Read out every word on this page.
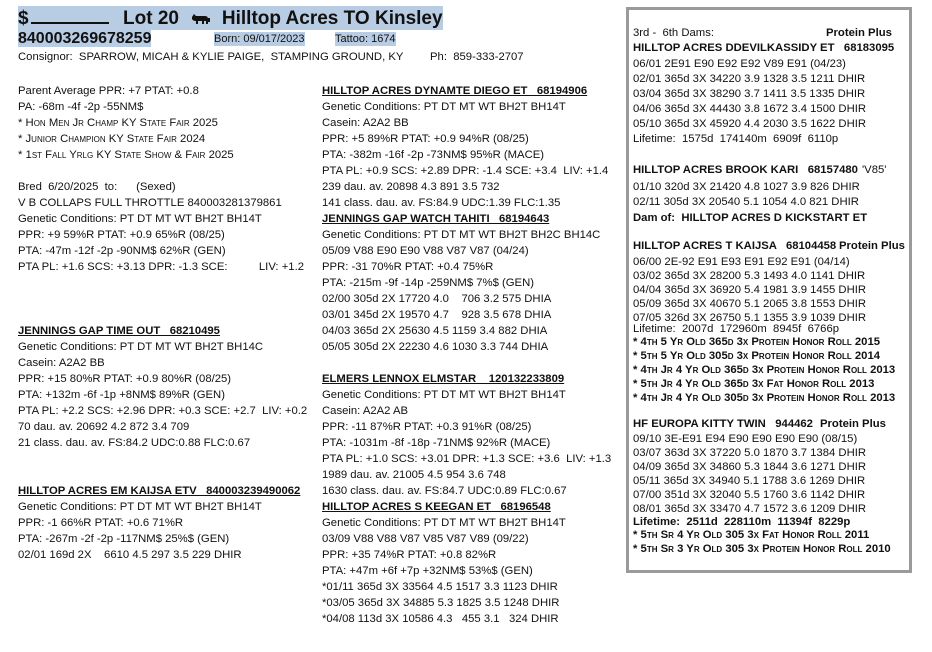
$	Lot 20 Hilltop Acres TO Kinsley
840003269678259	Born: 09/017/2023	Tattoo: 1674
Consignor:  SPARROW, MICAH & KYLIE PAIGE,  STAMPING GROUND, KY Ph:  859-333-2707
Parent Average PPR: +7 PTAT: +0.8
PA: -68m -4f -2p -55NM$
* Hon Men Jr Champ KY State Fair 2025
* Junior Champion KY State Fair 2024
* 1st Fall Yrlg KY State Show & Fair 2025
Bred  6/20/2025  to:      (Sexed)
V B COLLAPS FULL THROTTLE 840003281379861
Genetic Conditions: PT DT MT WT BH2T BH14T
PPR: +9 59%R PTAT: +0.9 65%R (08/25)
PTA: -47m -12f -2p -90NM$ 62%R (GEN)
PTA PL: +1.6 SCS: +3.13 DPR: -1.3 SCE:          LIV: +1.2
JENNINGS GAP TIME OUT   68210495
Genetic Conditions: PT DT MT WT BH2T BH14C
Casein: A2A2 BB
PPR: +15 80%R PTAT: +0.9 80%R (08/25)
PTA: +132m -6f -1p +8NM$ 89%R (GEN)
PTA PL: +2.2 SCS: +2.96 DPR: +0.3 SCE: +2.7  LIV: +0.2
70 dau. av. 20692 4.2 872 3.4 709
21 class. dau. av. FS:84.2 UDC:0.88 FLC:0.67
HILLTOP ACRES EM KAIJSA ETV   840003239490062
Genetic Conditions: PT DT MT WT BH2T BH14T
PPR: -1 66%R PTAT: +0.6 71%R
PTA: -267m -2f -2p -117NM$ 25%$ (GEN)
02/01 169d 2X    6610 4.5 297 3.5 229 DHIR
HILLTOP ACRES DYNAMTE DIEGO ET   68194906
Genetic Conditions: PT DT MT WT BH2T BH14T
Casein: A2A2 BB
PPR: +5 89%R PTAT: +0.9 94%R (08/25)
PTA: -382m -16f -2p -73NM$ 95%R (MACE)
PTA PL: +0.9 SCS: +2.89 DPR: -1.4 SCE: +3.4  LIV: +1.4
239 dau. av. 20898 4.3 891 3.5 732
141 class. dau. av. FS:84.9 UDC:1.39 FLC:1.35
JENNINGS GAP WATCH TAHITI   68194643
Genetic Conditions: PT DT MT WT BH2T BH2C BH14C
05/09 V88 E90 E90 V88 V87 V87 (04/24)
PPR: -31 70%R PTAT: +0.4 75%R
PTA: -215m -9f -14p -259NM$ 7%$ (GEN)
02/00 305d 2X 17720 4.0    706 3.2 575 DHIA
03/01 345d 2X 19570 4.7    928 3.5 678 DHIA
04/03 365d 2X 25630 4.5 1159 3.4 882 DHIA
05/05 305d 2X 22230 4.6 1030 3.3 744 DHIA
ELMERS LENNOX ELMSTAR    120132233809
Genetic Conditions: PT DT MT WT BH2T BH14T
Casein: A2A2 AB
PPR: -11 87%R PTAT: +0.3 91%R (08/25)
PTA: -1031m -8f -18p -71NM$ 92%R (MACE)
PTA PL: +1.0 SCS: +3.01 DPR: +1.3 SCE: +3.6  LIV: +1.3
1989 dau. av. 21005 4.5 954 3.6 748
1630 class. dau. av. FS:84.7 UDC:0.89 FLC:0.67
HILLTOP ACRES S KEEGAN ET   68196548
Genetic Conditions: PT DT MT WT BH2T BH14T
03/09 V88 V88 V87 V85 V87 V89 (09/22)
PPR: +35 74%R PTAT: +0.8 82%R
PTA: +47m +6f +7p +32NM$ 53%$ (GEN)
*01/11 365d 3X 33564 4.5 1517 3.3 1123 DHIR
*03/05 365d 3X 34885 5.3 1825 3.5 1248 DHIR
*04/08 113d 3X 10586 4.3   455 3.1   324 DHIR
3rd -  6th Dams:	Protein Plus
HILLTOP ACRES DDEVILKASSIDY ET   68183095
06/01 2E91 E90 E92 E92 V89 E91 (04/23)
02/01 365d 3X 34220 3.9 1328 3.5 1211 DHIR
03/04 365d 3X 38290 3.7 1411 3.5 1335 DHIR
04/06 365d 3X 44430 3.8 1672 3.4 1500 DHIR
05/10 365d 3X 45920 4.4 2030 3.5 1622 DHIR
Lifetime:  1575d  174140m  6909f  6110p
HILLTOP ACRES BROOK KARI   68157480 'V85'
01/10 320d 3X 21420 4.8 1027 3.9 826 DHIR
02/11 305d 3X 20540 5.1 1054 4.0 821 DHIR
Dam of:  HILLTOP ACRES D KICKSTART ET
HILLTOP ACRES T KAIJSA   68104458 Protein Plus
06/00 2E-92 E91 E93 E91 E92 E91 (04/14)
03/02 365d 3X 28200 5.3 1493 4.0 1141 DHIR
04/04 365d 3X 36920 5.4 1981 3.9 1455 DHIR
05/09 365d 3X 40670 5.1 2065 3.8 1553 DHIR
07/05 326d 3X 26750 5.1 1355 3.9 1039 DHIR
Lifetime:  2007d  172960m  8945f  6766p
* 4th 5 Yr Old 365d 3x Protein Honor Roll 2015
* 5th 5 Yr Old 305d 3x Protein Honor Roll 2014
* 4th Jr 4 Yr Old 365d 3x Protein Honor Roll 2013
* 5th Jr 4 Yr Old 365d 3x Fat Honor Roll 2013
* 4th Jr 4 Yr Old 305d 3x Protein Honor Roll 2013
HF EUROPA KITTY TWIN   944462 Protein Plus
09/10 3E-E91 E94 E90 E90 E90 E90 (08/15)
03/07 363d 3X 37220 5.0 1870 3.7 1384 DHIR
04/09 365d 3X 34860 5.3 1844 3.6 1271 DHIR
05/11 365d 3X 34940 5.1 1788 3.6 1269 DHIR
07/00 351d 3X 32040 5.5 1760 3.6 1142 DHIR
08/01 365d 3X 33470 4.7 1572 3.6 1209 DHIR
Lifetime:  2511d  228110m  11394f  8229p
* 5th Sr 4 Yr Old 305 3x Fat Honor Roll 2011
* 5th Sr 3 Yr Old 305 3x Protein Honor Roll 2010
